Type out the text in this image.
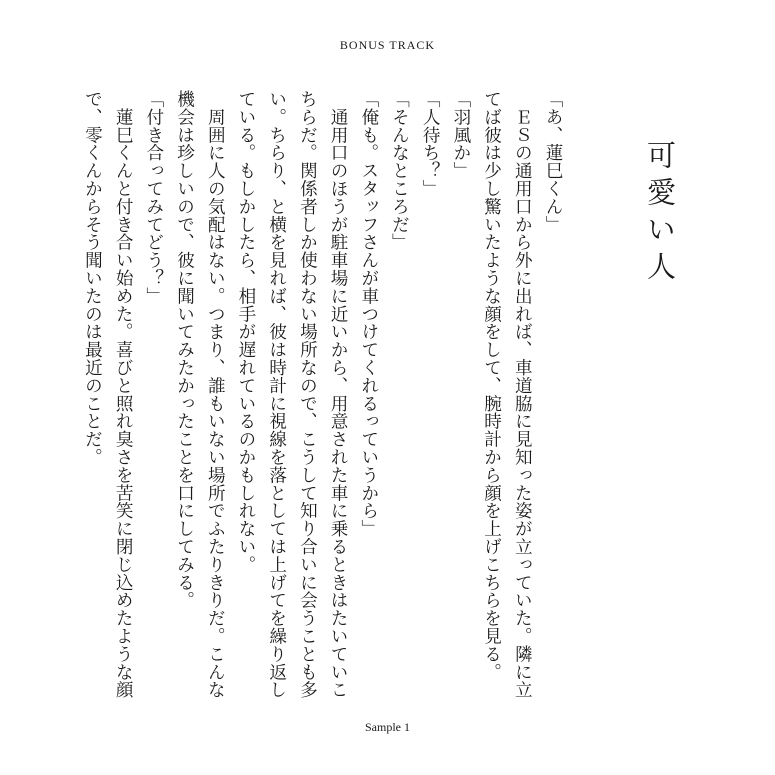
BONUS TRACK
可愛い人

「あ、蓮巳くん」

　ＥＳの通用口から外に出れば、車道脇に見知った姿が立っていた。隣に立てば彼は少し驚いたような顔をして、腕時計から顔を上げこちらを見る。

「羽風か」

「人待ち？」

「そんなところだ」

「俺も。スタッフさんが車つけてくれるっていうから」

　通用口のほうが駐車場に近いから、用意された車に乗るときはたいていこちらだ。関係者しか使わない場所なので、こうして知り合いに会うことも多い。ちらり、と横を見れば、彼は時計に視線を落としては上げてを繰り返している。もしかしたら、相手が遅れているのかもしれない。

　周囲に人の気配はない。つまり、誰もいない場所でふたりきりだ。こんな機会は珍しいので、彼に聞いてみたかったことを口にしてみる。

「付き合ってみてどう？」

　蓮巳くんと付き合い始めた。喜びと照れ臭さを苦笑に閉じ込めたような顔で、零くんからそう聞いたのは最近のことだ。

Sample 1
